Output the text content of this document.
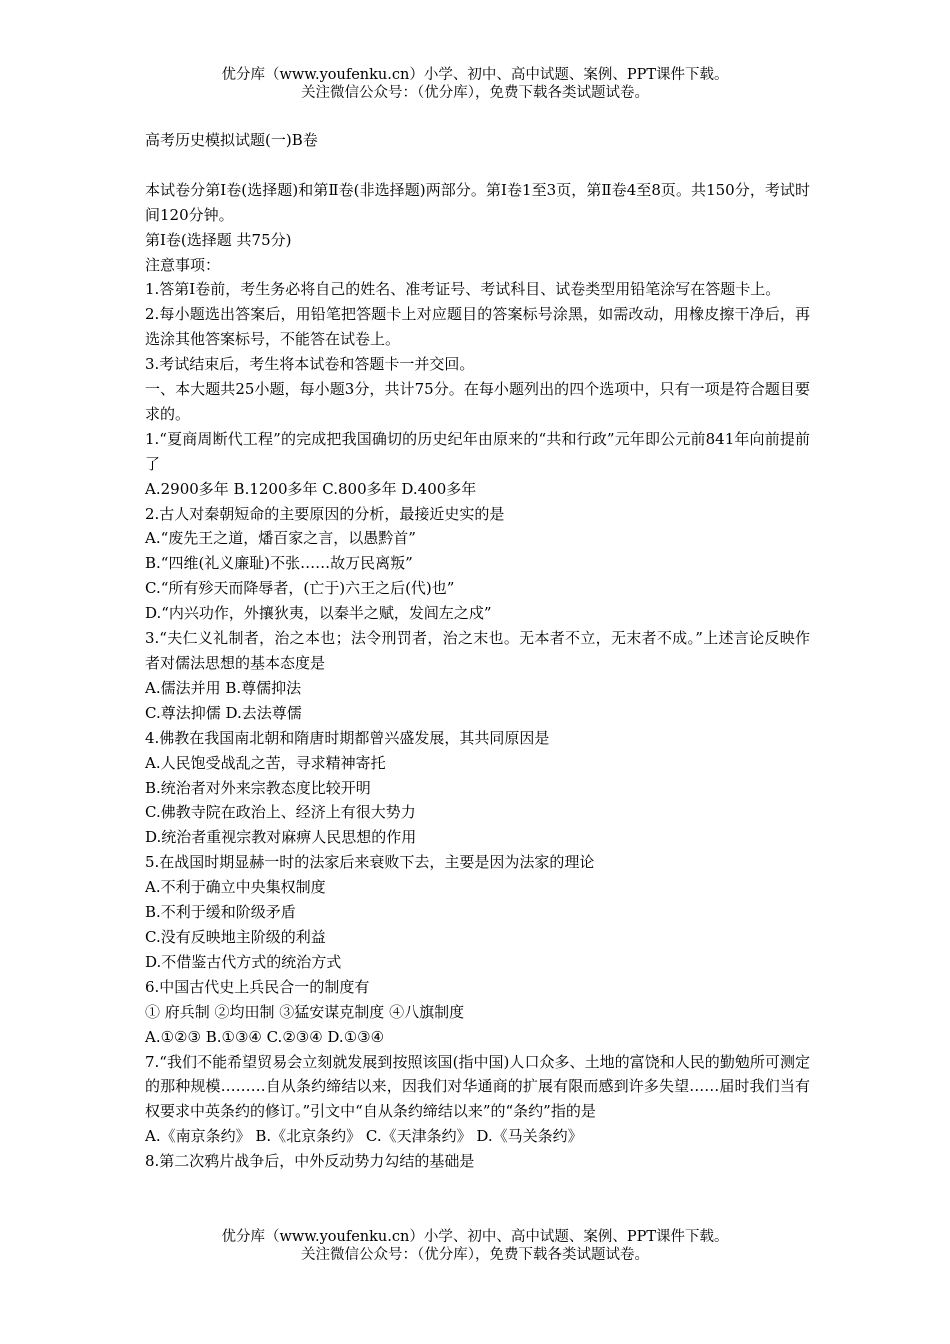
优分库（www.youfenku.cn）小学、初中、高中试题、案例、PPT课件下载。
关注微信公众号：（优分库），免费下载各类试题试卷。

高考历史模拟试题(一)B卷

本试卷分第Ⅰ卷(选择题)和第Ⅱ卷(非选择题)两部分。第Ⅰ卷1至3页，第Ⅱ卷4至8页。共150分，考试时间120分钟。

第Ⅰ卷(选择题 共75分)

注意事项：

1.答第Ⅰ卷前，考生务必将自己的姓名、准考证号、考试科目、试卷类型用铅笔涂写在答题卡上。

2.每小题选出答案后，用铅笔把答题卡上对应题目的答案标号涂黑，如需改动，用橡皮擦干净后，再选涂其他答案标号，不能答在试卷上。

3.考试结束后，考生将本试卷和答题卡一并交回。

一、本大题共25小题，每小题3分，共计75分。在每小题列出的四个选项中，只有一项是符合题目要求的。

1.“夏商周断代工程”的完成把我国确切的历史纪年由原来的“共和行政”元年即公元前841年向前提前了

A.2900多年 B.1200多年 C.800多年 D.400多年

2.古人对秦朝短命的主要原因的分析，最接近史实的是

A.“废先王之道，燔百家之言，以愚黔首”

B.“四维(礼义廉耻)不张……故万民离叛”

C.“所有殄天而降辱者，(亡于)六王之后(代)也”

D.“内兴功作，外攘狄夷，以秦半之赋，发闾左之戍”

3.“夫仁义礼制者，治之本也；法令刑罚者，治之末也。无本者不立，无末者不成。”上述言论反映作者对儒法思想的基本态度是

A.儒法并用 B.尊儒抑法

C.尊法抑儒 D.去法尊儒

4.佛教在我国南北朝和隋唐时期都曾兴盛发展，其共同原因是

A.人民饱受战乱之苦，寻求精神寄托

B.统治者对外来宗教态度比较开明

C.佛教寺院在政治上、经济上有很大势力

D.统治者重视宗教对麻痹人民思想的作用

5.在战国时期显赫一时的法家后来衰败下去，主要是因为法家的理论

A.不利于确立中央集权制度

B.不利于缓和阶级矛盾

C.没有反映地主阶级的利益

D.不借鉴古代方式的统治方式

6.中国古代史上兵民合一的制度有

① 府兵制 ②均田制 ③猛安谋克制度 ④八旗制度

A.①②③ B.①③④ C.②③④ D.①③④

7.“我们不能希望贸易会立刻就发展到按照该国(指中国)人口众多、土地的富饶和人民的勤勉所可测定的那种规模………自从条约缔结以来，因我们对华通商的扩展有限而感到许多失望……届时我们当有权要求中英条约的修订。”引文中“自从条约缔结以来”的“条约”指的是

A.《南京条约》 B.《北京条约》 C.《天津条约》 D.《马关条约》

8.第二次鸦片战争后，中外反动势力勾结的基础是

优分库（www.youfenku.cn）小学、初中、高中试题、案例、PPT课件下载。
关注微信公众号：（优分库），免费下载各类试题试卷。
